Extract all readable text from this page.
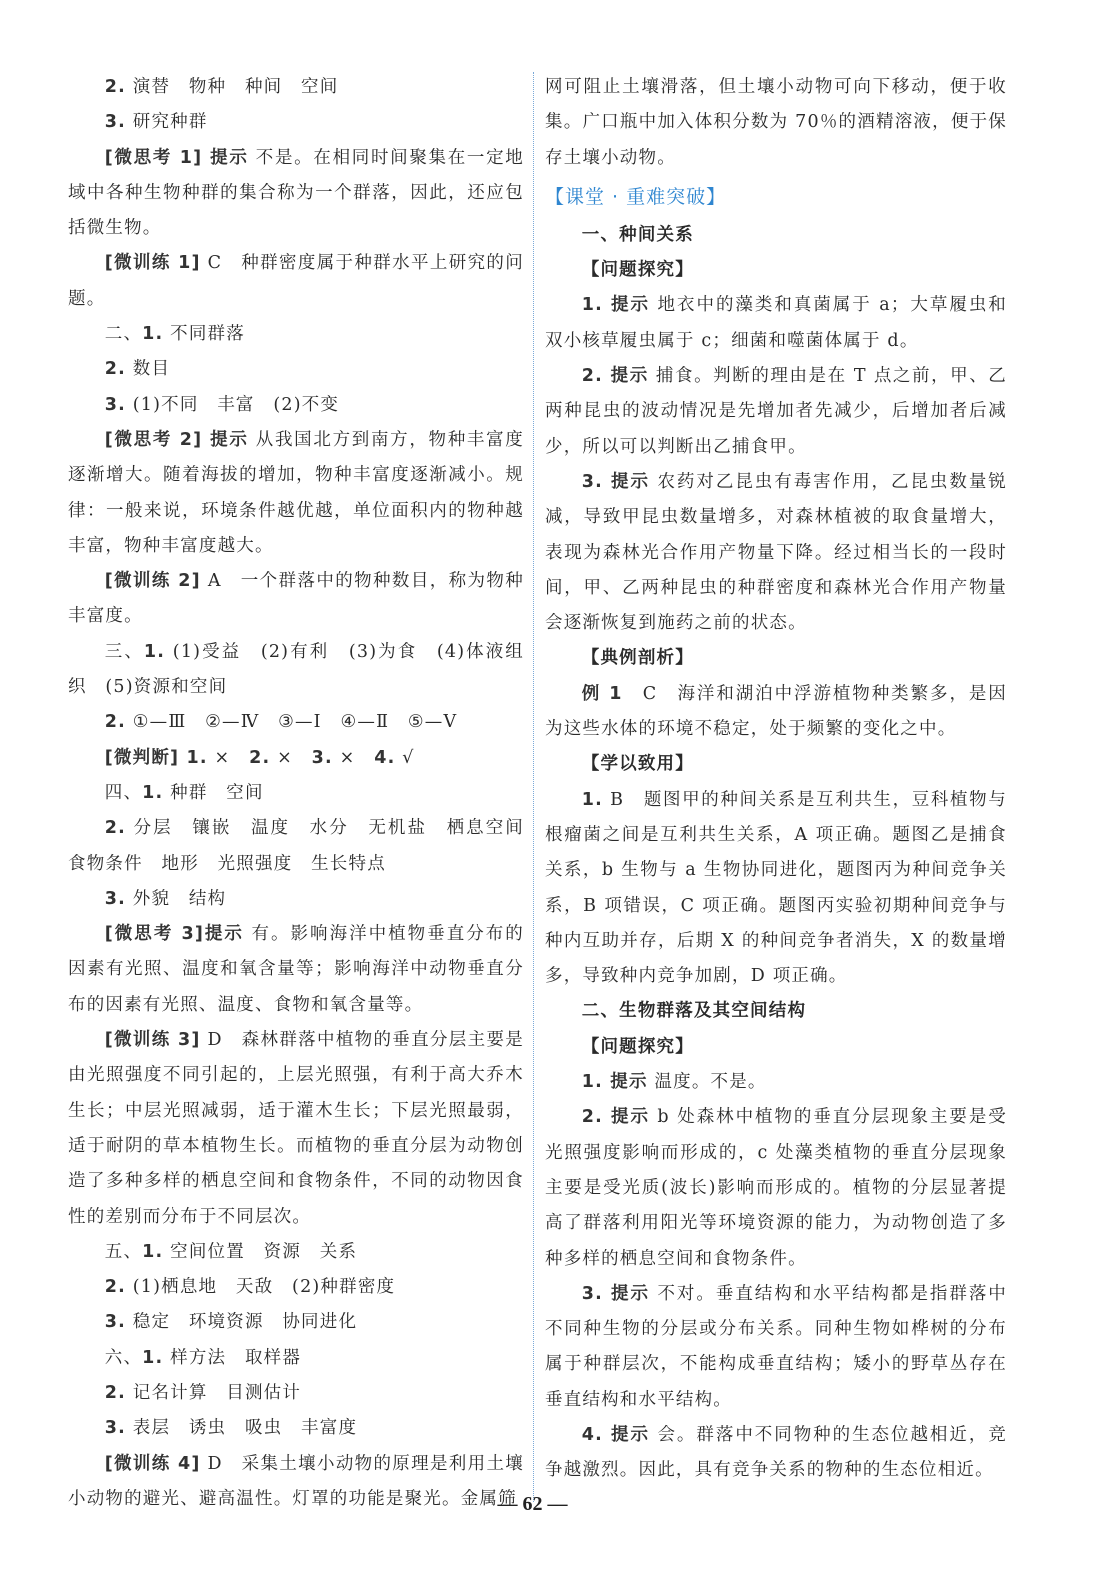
2. 演替　物种　种间　空间

3. 研究种群

[微思考 1] 提示 不是。在相同时间聚集在一定地域中各种生物种群的集合称为一个群落，因此，还应包括微生物。

[微训练 1] C　种群密度属于种群水平上研究的问题。

二、1. 不同群落

2. 数目

3. (1)不同　丰富　(2)不变

[微思考 2] 提示 从我国北方到南方，物种丰富度逐渐增大。随着海拔的增加，物种丰富度逐渐减小。规律：一般来说，环境条件越优越，单位面积内的物种越丰富，物种丰富度越大。

[微训练 2] A　一个群落中的物种数目，称为物种丰富度。

三、1. (1)受益　(2)有利　(3)为食　(4)体液组织　(5)资源和空间

2. ①—Ⅲ　②—Ⅳ　③—Ⅰ　④—Ⅱ　⑤—Ⅴ

[微判断] 1. ×　2. ×　3. ×　4. √

四、1. 种群　空间

2. 分层　镶嵌　温度　水分　无机盐　栖息空间　食物条件　地形　光照强度　生长特点

3. 外貌　结构

[微思考 3]提示 有。影响海洋中植物垂直分布的因素有光照、温度和氧含量等；影响海洋中动物垂直分布的因素有光照、温度、食物和氧含量等。

[微训练 3] D　森林群落中植物的垂直分层主要是由光照强度不同引起的，上层光照强，有利于高大乔木生长；中层光照减弱，适于灌木生长；下层光照最弱，适于耐阴的草本植物生长。而植物的垂直分层为动物创造了多种多样的栖息空间和食物条件，不同的动物因食性的差别而分布于不同层次。

五、1. 空间位置　资源　关系

2. (1)栖息地　天敌　(2)种群密度

3. 稳定　环境资源　协同进化

六、1. 样方法　取样器

2. 记名计算　目测估计

3. 表层　诱虫　吸虫　丰富度

[微训练 4] D　采集土壤小动物的原理是利用土壤小动物的避光、避高温性。灯罩的功能是聚光。金属筛

网可阻止土壤滑落，但土壤小动物可向下移动，便于收集。广口瓶中加入体积分数为 70％的酒精溶液，便于保存土壤小动物。

【课堂 · 重难突破】

一、种间关系

【问题探究】

1. 提示 地衣中的藻类和真菌属于 a；大草履虫和双小核草履虫属于 c；细菌和噬菌体属于 d。

2. 提示 捕食。判断的理由是在 T 点之前，甲、乙两种昆虫的波动情况是先增加者先减少，后增加者后减少，所以可以判断出乙捕食甲。

3. 提示 农药对乙昆虫有毒害作用，乙昆虫数量锐减，导致甲昆虫数量增多，对森林植被的取食量增大，表现为森林光合作用产物量下降。经过相当长的一段时间，甲、乙两种昆虫的种群密度和森林光合作用产物量会逐渐恢复到施药之前的状态。

【典例剖析】

例 1　C　海洋和湖泊中浮游植物种类繁多，是因为这些水体的环境不稳定，处于频繁的变化之中。

【学以致用】

1. B　题图甲的种间关系是互利共生，豆科植物与根瘤菌之间是互利共生关系，A 项正确。题图乙是捕食关系，b 生物与 a 生物协同进化，题图丙为种间竞争关系，B 项错误，C 项正确。题图丙实验初期种间竞争与种内互助并存，后期 X 的种间竞争者消失，X 的数量增多，导致种内竞争加剧，D 项正确。

二、生物群落及其空间结构

【问题探究】

1. 提示 温度。不是。

2. 提示 b 处森林中植物的垂直分层现象主要是受光照强度影响而形成的，c 处藻类植物的垂直分层现象主要是受光质(波长)影响而形成的。植物的分层显著提高了群落利用阳光等环境资源的能力，为动物创造了多种多样的栖息空间和食物条件。

3. 提示 不对。垂直结构和水平结构都是指群落中不同种生物的分层或分布关系。同种生物如桦树的分布属于种群层次，不能构成垂直结构；矮小的野草丛存在垂直结构和水平结构。

4. 提示 会。群落中不同物种的生态位越相近，竞争越激烈。因此，具有竞争关系的物种的生态位相近。

— 62 —
